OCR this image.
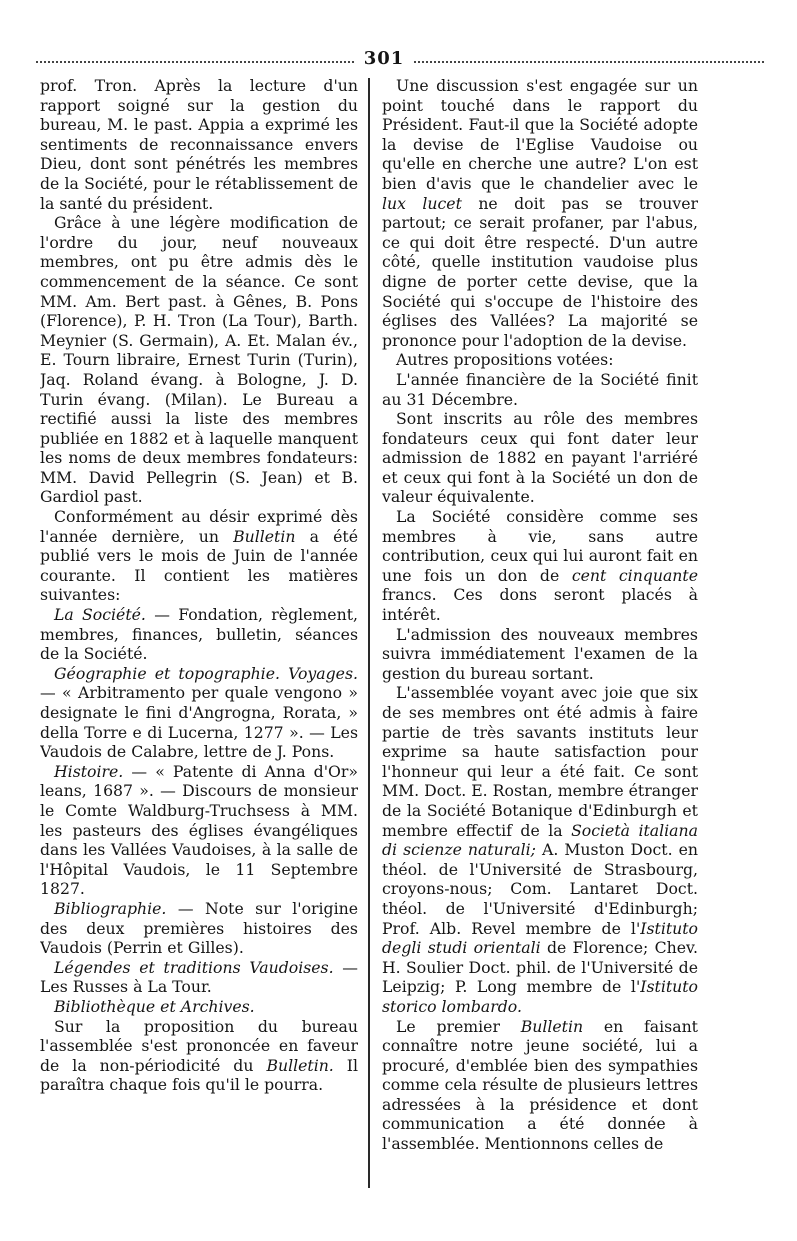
301

prof. Tron. Après la lecture d'un rapport soigné sur la gestion du bureau, M. le past. Appia a exprimé les sentiments de reconnaissance envers Dieu, dont sont pénétrés les membres de la Société, pour le rétablissement de la santé du président.

Grâce à une légère modification de l'ordre du jour, neuf nouveaux membres, ont pu être admis dès le commencement de la séance. Ce sont MM. Am. Bert past. à Gênes, B. Pons (Florence), P. H. Tron (La Tour), Barth. Meynier (S. Germain), A. Et. Malan év., E. Tourn libraire, Ernest Turin (Turin), Jaq. Roland évang. à Bologne, J. D. Turin évang. (Milan). Le Bureau a rectifié aussi la liste des membres publiée en 1882 et à laquelle manquent les noms de deux membres fondateurs: MM. David Pellegrin (S. Jean) et B. Gardiol past.

Conformément au désir exprimé dès l'année dernière, un Bulletin a été publié vers le mois de Juin de l'année courante. Il contient les matières suivantes:

La Société. — Fondation, règlement, membres, finances, bulletin, séances de la Société.

Géographie et topographie. Voyages. — « Arbitramento per quale vengono » designate le fini d'Angrogna, Rorata, » della Torre e di Lucerna, 1277 ». — Les Vaudois de Calabre, lettre de J. Pons.

Histoire. — « Patente di Anna d'Or» leans, 1687 ». — Discours de monsieur le Comte Waldburg-Truchsess à MM. les pasteurs des églises évangéliques dans les Vallées Vaudoises, à la salle de l'Hôpital Vaudois, le 11 Septembre 1827.

Bibliographie. — Note sur l'origine des deux premières histoires des Vaudois (Perrin et Gilles).

Légendes et traditions Vaudoises. — Les Russes à La Tour.

Bibliothèque et Archives.

Sur la proposition du bureau l'assemblée s'est prononcée en faveur de la non-périodicité du Bulletin. Il paraîtra chaque fois qu'il le pourra.

Une discussion s'est engagée sur un point touché dans le rapport du Président. Faut-il que la Société adopte la devise de l'Eglise Vaudoise ou qu'elle en cherche une autre? L'on est bien d'avis que le chandelier avec le lux lucet ne doit pas se trouver partout; ce serait profaner, par l'abus, ce qui doit être respecté. D'un autre côté, quelle institution vaudoise plus digne de porter cette devise, que la Société qui s'occupe de l'histoire des églises des Vallées? La majorité se prononce pour l'adoption de la devise.

Autres propositions votées:

L'année financière de la Société finit au 31 Décembre.

Sont inscrits au rôle des membres fondateurs ceux qui font dater leur admission de 1882 en payant l'arriéré et ceux qui font à la Société un don de valeur équivalente.

La Société considère comme ses membres à vie, sans autre contribution, ceux qui lui auront fait en une fois un don de cent cinquante francs. Ces dons seront placés à intérêt.

L'admission des nouveaux membres suivra immédiatement l'examen de la gestion du bureau sortant.

L'assemblée voyant avec joie que six de ses membres ont été admis à faire partie de très savants instituts leur exprime sa haute satisfaction pour l'honneur qui leur a été fait. Ce sont MM. Doct. E. Rostan, membre étranger de la Société Botanique d'Edinburgh et membre effectif de la Società italiana di scienze naturali; A. Muston Doct. en théol. de l'Université de Strasbourg, croyons-nous; Com. Lantaret Doct. théol. de l'Université d'Edinburgh; Prof. Alb. Revel membre de l'Istituto degli studi orientali de Florence; Chev. H. Soulier Doct. phil. de l'Université de Leipzig; P. Long membre de l'Istituto storico lombardo.

Le premier Bulletin en faisant connaître notre jeune société, lui a procuré, d'emblée bien des sympathies comme cela résulte de plusieurs lettres adressées à la présidence et dont communication a été donnée à l'assemblée. Mentionnons celles de
